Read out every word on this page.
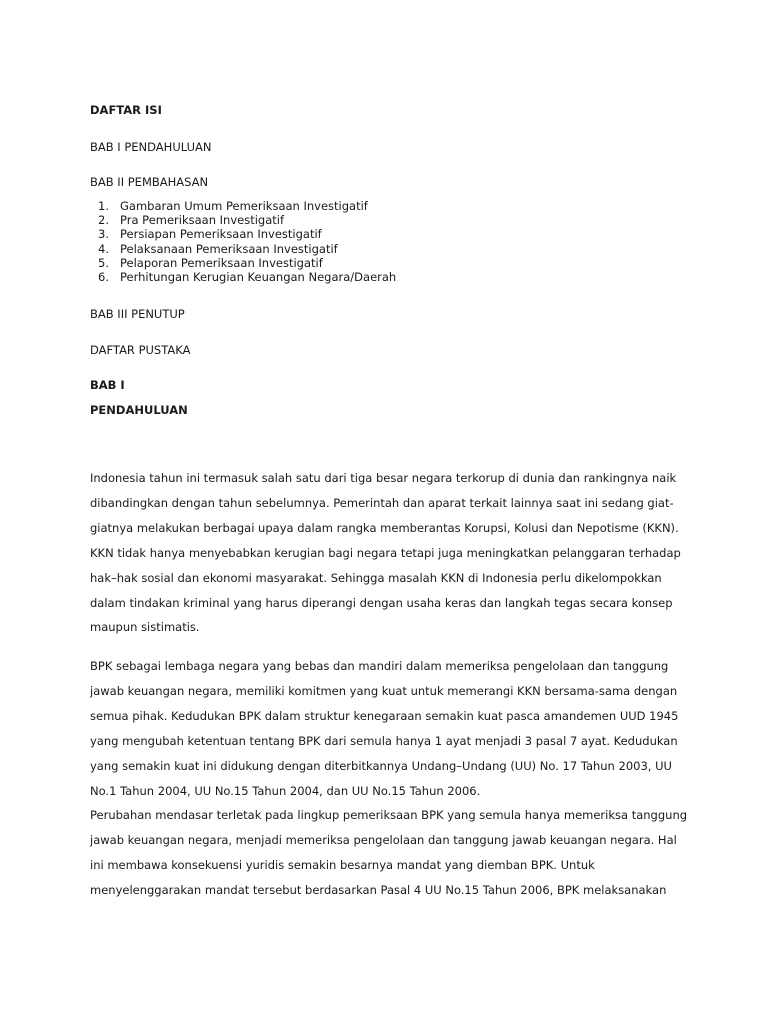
DAFTAR ISI

BAB I PENDAHULUAN

BAB II PEMBAHASAN

1. Gambaran Umum Pemeriksaan Investigatif
2. Pra Pemeriksaan Investigatif
3. Persiapan Pemeriksaan Investigatif
4. Pelaksanaan Pemeriksaan Investigatif
5. Pelaporan Pemeriksaan Investigatif
6. Perhitungan Kerugian Keuangan Negara/Daerah

BAB III PENUTUP

DAFTAR PUSTAKA

BAB I

PENDAHULUAN

Indonesia tahun ini termasuk salah satu dari tiga besar negara terkorup di dunia dan rankingnya naik
dibandingkan dengan tahun sebelumnya. Pemerintah dan aparat terkait lainnya saat ini sedang giat-
giatnya melakukan berbagai upaya dalam rangka memberantas Korupsi, Kolusi dan Nepotisme (KKN).
KKN tidak hanya menyebabkan kerugian bagi negara tetapi juga meningkatkan pelanggaran terhadap
hak–hak sosial dan ekonomi masyarakat. Sehingga masalah KKN di Indonesia perlu dikelompokkan
dalam tindakan kriminal yang harus diperangi dengan usaha keras dan langkah tegas secara konsep
maupun sistimatis.
BPK sebagai lembaga negara yang bebas dan mandiri dalam memeriksa pengelolaan dan tanggung
jawab keuangan negara, memiliki komitmen yang kuat untuk memerangi KKN bersama-sama dengan
semua pihak. Kedudukan BPK dalam struktur kenegaraan semakin kuat pasca amandemen UUD 1945
yang mengubah ketentuan tentang BPK dari semula hanya 1 ayat menjadi 3 pasal 7 ayat. Kedudukan
yang semakin kuat ini didukung dengan diterbitkannya Undang–Undang (UU) No. 17 Tahun 2003, UU
No.1 Tahun 2004, UU No.15 Tahun 2004, dan UU No.15 Tahun 2006.
Perubahan mendasar terletak pada lingkup pemeriksaan BPK yang semula hanya memeriksa tanggung
jawab keuangan negara, menjadi memeriksa pengelolaan dan tanggung jawab keuangan negara. Hal
ini membawa konsekuensi yuridis semakin besarnya mandat yang diemban BPK. Untuk
menyelenggarakan mandat tersebut berdasarkan Pasal 4 UU No.15 Tahun 2006, BPK melaksanakan
